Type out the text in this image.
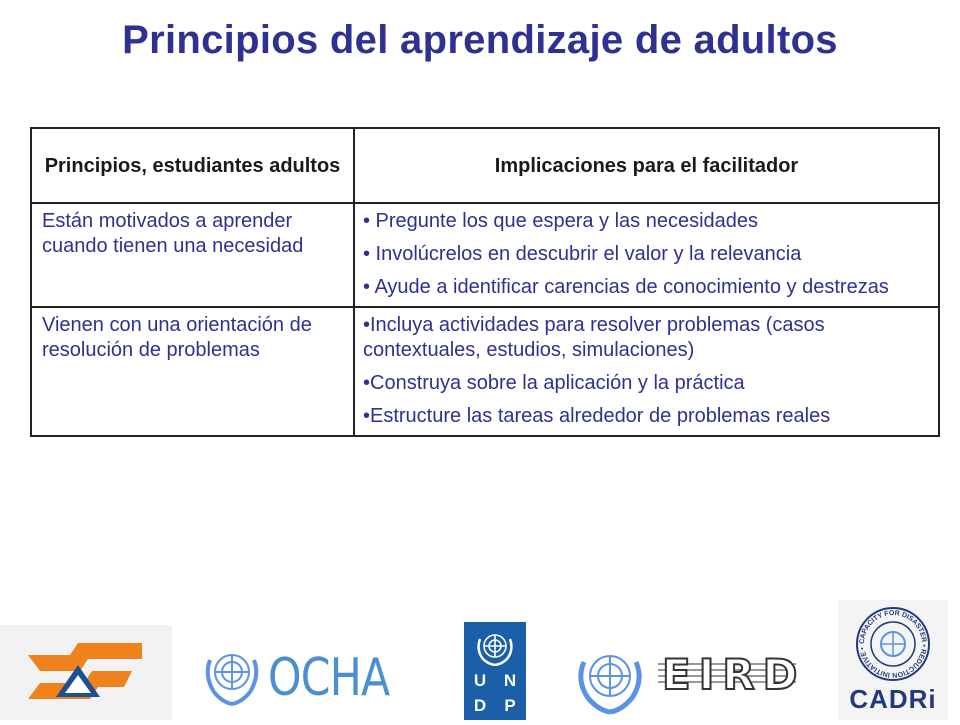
Principios del aprendizaje de adultos
Principios, estudiantes adultos	Implicaciones para el facilitador
Están motivados a aprender cuando tienen una necesidad	• Pregunte los que espera y las necesidades
• Involúcrelos en descubrir el valor y la relevancia
• Ayude a identificar carencias de conocimiento y destrezas

Vienen con una orientación de resolución de problemas	•Incluya actividades para resolver problemas (casos contextuales, estudios, simulaciones)
•Construya sobre la aplicación y la práctica
•Estructure las tareas alrededor de problemas reales
OCHA	U	N
D	P
EIRD
CAPACITY FOR DISASTER • REDUCTION INITIATIVE •
CADRi
